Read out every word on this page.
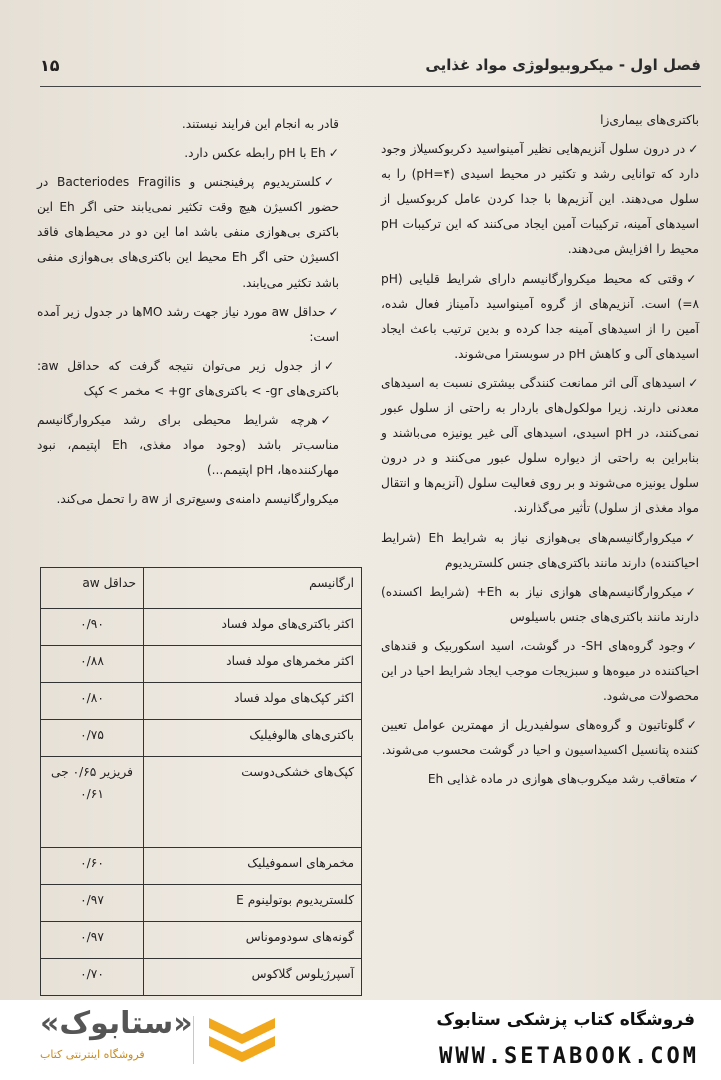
فصل اول - میکروبیولوژی مواد غذایی
۱۵

باکتری‌های بیماری‌زا

✓در درون سلول آنزیم‌هایی نظیر آمینواسید دکربوکسیلاز وجود دارد که توانایی رشد و تکثیر در محیط اسیدی (pH=۴) را به سلول می‌دهند. این آنزیم‌ها با جدا کردن عامل کربوکسیل از اسیدهای آمینه، ترکیبات آمین ایجاد می‌کنند که این ترکیبات pH محیط را افزایش می‌دهند.

✓وقتی که محیط میکروارگانیسم دارای شرایط قلیایی (pH =۸) است. آنزیم‌های از گروه آمینواسید دآمیناز فعال شده، آمین را از اسیدهای آمینه جدا کرده و بدین ترتیب باعث ایجاد اسیدهای آلی و کاهش pH در سوبسترا می‌شوند.

✓اسیدهای آلی اثر ممانعت کنندگی بیشتری نسبت به اسیدهای معدنی دارند. زیرا مولکول‌های باردار به راحتی از سلول عبور نمی‌کنند، در pH اسیدی، اسیدهای آلی غیر یونیزه می‌باشند و بنابراین به راحتی از دیواره سلول عبور می‌کنند و در درون سلول یونیزه می‌شوند و بر روی فعالیت سلول (آنزیم‌ها و انتقال مواد مغذی از سلول) تأثیر می‌گذارند.

✓میکروارگانیسم‌های بی‌هوازی نیاز به شرایط Eh (شرایط احیاکننده) دارند مانند باکتری‌های جنس کلستریدیوم

✓میکروارگانیسم‌های هوازی نیاز به ‎+Eh‎ (شرایط اکسنده) دارند مانند باکتری‌های جنس باسیلوس

✓وجود گروه‌های SH- در گوشت، اسید اسکوربیک و قندهای احیاکننده در میوه‌ها و سبزیجات موجب ایجاد شرایط احیا در این محصولات می‌شود.

✓گلوتاتیون و گروه‌های سولفیدریل از مهمترین عوامل تعیین کننده پتانسیل اکسیداسیون و احیا در گوشت محسوب می‌شوند.

✓متعاقب رشد میکروب‌های هوازی در ماده غذایی Eh

قادر به انجام این فرایند نیستند.

✓Eh با pH رابطه عکس دارد.

✓کلستریدیوم پرفینجنس و Bacteriodes Fragilis در حضور اکسیژن هیچ وقت تکثیر نمی‌یابند حتی اگر Eh این باکتری بی‌هوازی منفی باشد اما این دو در محیط‌های فاقد اکسیژن حتی اگر Eh محیط این باکتری‌های بی‌هوازی منفی باشد تکثیر می‌یابند.

✓حداقل aw مورد نیاز جهت رشد MOها در جدول زیر آمده است:

✓از جدول زیر می‌توان نتیجه گرفت که حداقل aw: باکتری‌های ‎-gr‎ > باکتری‌های ‎+gr‎ > مخمر > کپک

✓هرچه شرایط محیطی برای رشد میکروارگانیسم مناسب‌تر باشد (وجود مواد مغذی، Eh اپتیمم، نبود مهارکننده‌ها، pH اپتیمم...)

میکروارگانیسم دامنه‌ی وسیع‌تری از aw را تحمل می‌کند.

ارگانیسم	حداقل aw
اکثر باکتری‌های مولد فساد	۰/۹۰
اکثر مخمرهای مولد فساد	۰/۸۸
اکثر کپک‌های مولد فساد	۰/۸۰
باکتری‌های هالوفیلیک	۰/۷۵
کپک‌های خشکی‌دوست	فریزیر ۰/۶۵ جی ۰/۶۱
مخمرهای اسموفیلیک	۰/۶۰
کلستریدیوم بوتولینوم E	۰/۹۷
گونه‌های سودوموناس	۰/۹۷
آسپرژیلوس گلاکوس	۰/۷۰
«ستابوک»
فروشگاه اینترنتی کتاب
فروشگاه کتاب پزشکی ستابوک
WWW.SETABOOK.COM
